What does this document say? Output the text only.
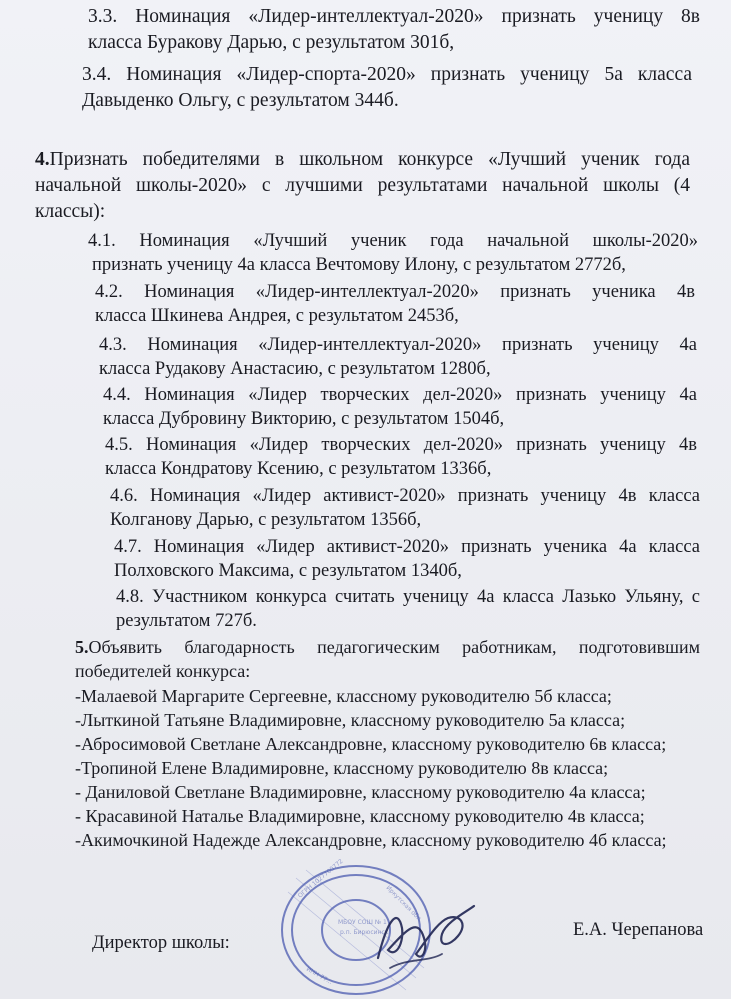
3.3. Номинация «Лидер-интеллектуал-2020» признать ученицу 8в
класса Буракову Дарью, с результатом 301б,
3.4. Номинация «Лидер-спорта-2020» признать ученицу 5а класса
Давыденко Ольгу, с результатом 344б.
4.Признать победителями в школьном конкурсе «Лучший ученик года
начальной школы-2020» с лучшими результатами начальной школы (4
классы):
4.1. Номинация «Лучший ученик года начальной школы-2020»
признать ученицу 4а класса Вечтомову Илону, с результатом 2772б,
4.2. Номинация «Лидер-интеллектуал-2020» признать ученика 4в
класса Шкинева Андрея, с результатом 2453б,
4.3. Номинация «Лидер-интеллектуал-2020» признать ученицу 4а
класса Рудакову Анастасию, с результатом 1280б,
4.4. Номинация «Лидер творческих дел-2020» признать ученицу 4а
класса Дубровину Викторию, с результатом 1504б,
4.5. Номинация «Лидер творческих дел-2020» признать ученицу 4в
класса Кондратову Ксению, с результатом 1336б,
4.6. Номинация «Лидер активист-2020» признать ученицу 4в класса
Колганову Дарью, с результатом 1356б,
4.7. Номинация «Лидер активист-2020» признать ученика 4а класса
Полховского Максима, с результатом 1340б,
4.8. Участником конкурса считать ученицу 4а класса Лазько Ульяну, с
результатом 727б.
5.Объявить благодарность педагогическим работникам, подготовившим
победителей конкурса:
-Малаевой Маргарите Сергеевне, классному руководителю 5б класса;
-Лыткиной Татьяне Владимировне, классному руководителю 5а класса;
-Абросимовой Светлане Александровне, классному руководителю 6в класса;
-Тропиной Елене Владимировне, классному руководителю 8в класса;
- Даниловой Светлане Владимировне, классному руководителю 4а класса;
- Красавиной Наталье Владимировне, классному руководителю 4в класса;
-Акимочкиной Надежде Александровне, классному руководителю 4б класса;
МБОУ СОШ № 1
р.п. Бирюсинск
ОГРН 1027700772
Иркутская обл.
ИНН 77...
Директор школы:
Е.А. Черепанова
